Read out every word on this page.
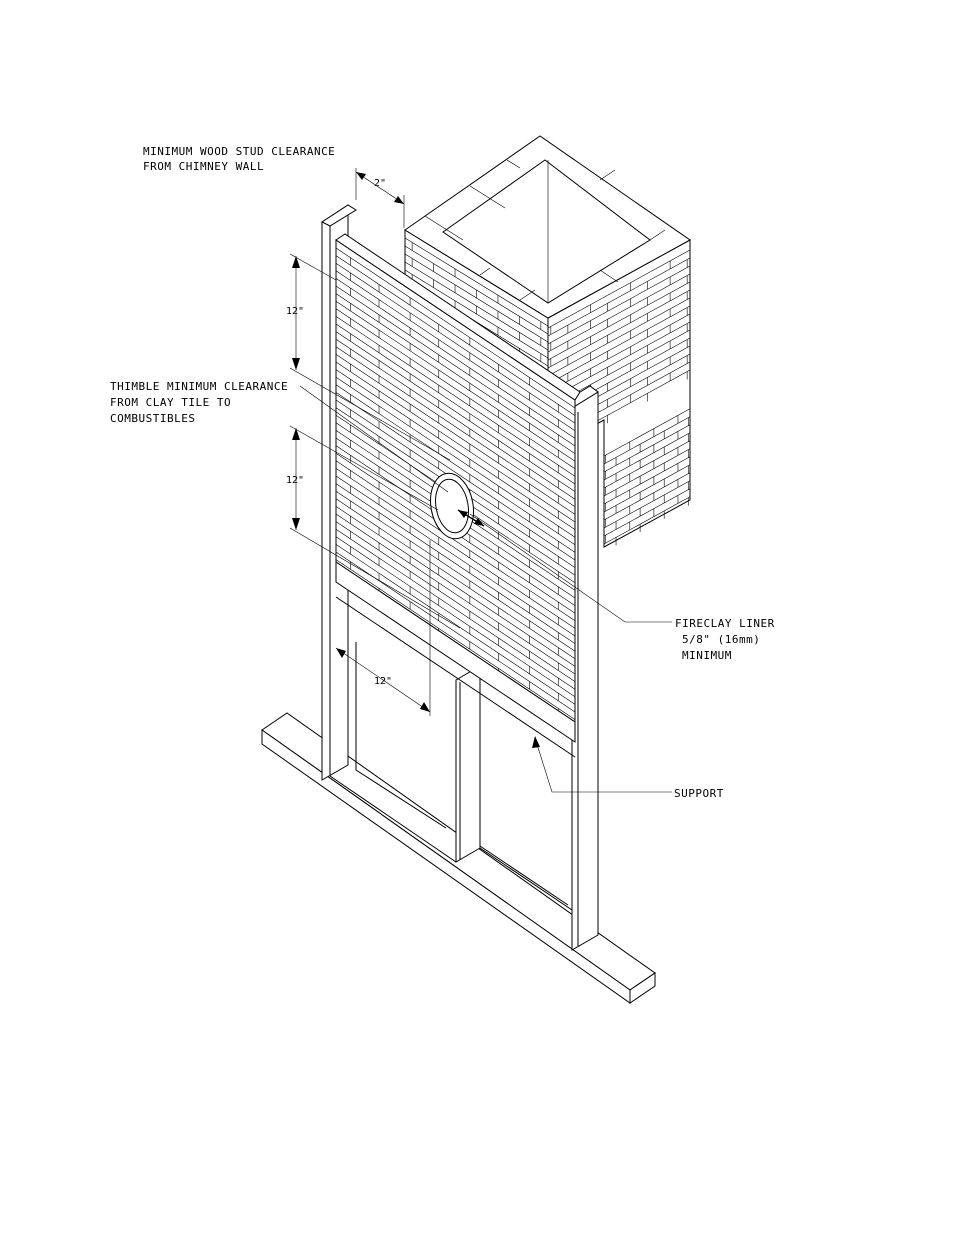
MINIMUM WOOD STUD CLEARANCE
FROM CHIMNEY WALL
THIMBLE MINIMUM CLEARANCE
FROM CLAY TILE TO
COMBUSTIBLES
FIRECLAY LINER
5/8" (16mm)
MINIMUM
SUPPORT
2"
12"
12"
12"
